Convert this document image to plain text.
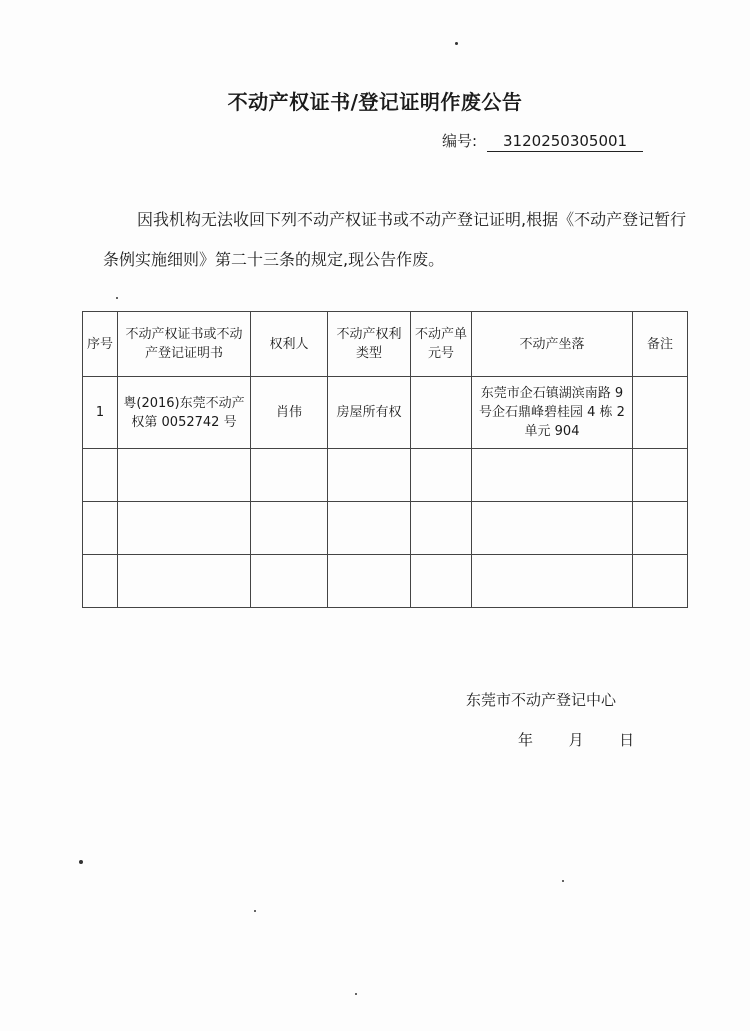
不动产权证书/登记证明作废公告
编号: 3120250305001
因我机构无法收回下列不动产权证书或不动产登记证明,根据《不动产登记暂行条例实施细则》第二十三条的规定,现公告作废。
序号	不动产权证书或不动产登记证明书	权利人	不动产权利类型	不动产单元号	不动产坐落	备注
1	粤(2016)东莞不动产权第 0052742 号	肖伟	房屋所有权		东莞市企石镇湖滨南路 9 号企石鼎峰碧桂园 4 栋 2 单元 904	

东莞市不动产登记中心
年 月 日
